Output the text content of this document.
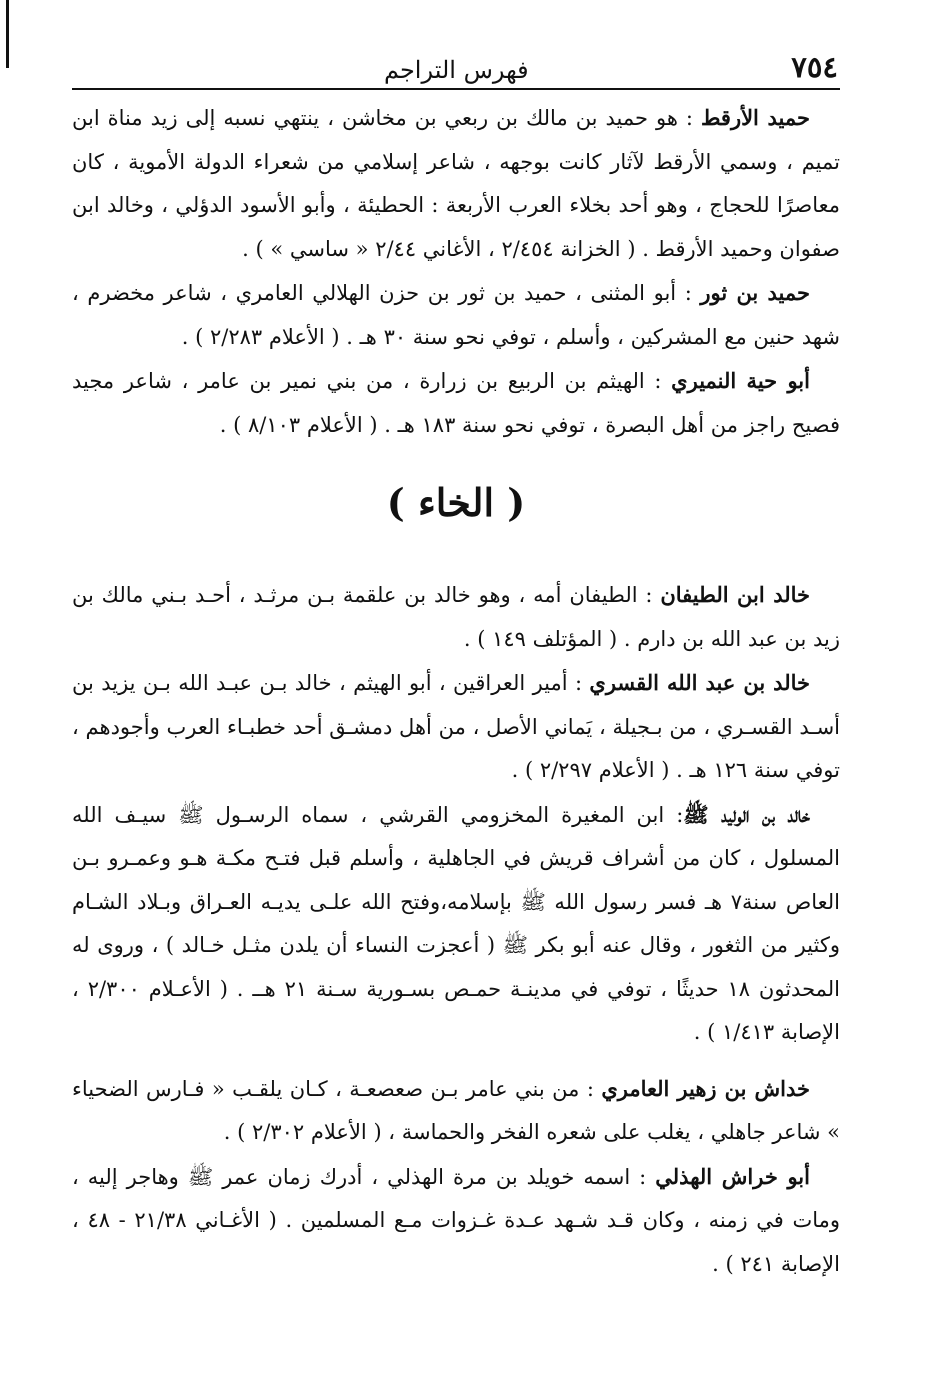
٧٥٤
فهرس التراجم

حميد الأرقط : هو حميد بن مالك بن ربعي بن مخاشن ، ينتهي نسبه إلى زيد مناة ابن تميم ، وسمي الأرقط لآثار كانت بوجهه ، شاعر إسلامي من شعراء الدولة الأموية ، كان معاصرًا للحجاج ، وهو أحد بخلاء العرب الأربعة : الحطيئة ، وأبو الأسود الدؤلي ، وخالد ابن صفوان وحميد الأرقط . ( الخزانة ٢/٤٥٤ ، الأغاني ٢/٤٤ « ساسي » ) .

حميد بن ثور : أبو المثنى ، حميد بن ثور بن حزن الهلالي العامري ، شاعر مخضرم ، شهد حنين مع المشركين ، وأسلم ، توفي نحو سنة ٣٠ هـ . ( الأعلام ٢/٢٨٣ ) .

أبو حية النميري : الهيثم بن الربيع بن زرارة ، من بني نمير بن عامر ، شاعر مجيد فصيح راجز من أهل البصرة ، توفي نحو سنة ١٨٣ هـ . ( الأعلام ٨/١٠٣ ) .

( الخاء )

خالد ابن الطيفان : الطيفان أمه ، وهو خالد بن علقمة بـن مرثـد ، أحـد بـني مالك بن زيد بن عبد الله بن دارم . ( المؤتلف ١٤٩ ) .

خالد بن عبد الله القسري : أمير العراقين ، أبو الهيثم ، خالد بـن عبـد الله بـن يزيد بن أسـد القسـري ، من بـجيلة ، يَماني الأصل ، من أهل دمشـق أحد خطبـاء العرب وأجودهم ، توفي سنة ١٢٦ هـ . ( الأعلام ٢/٢٩٧ ) .

خالد بن الوليد ﷺ: ابن المغيرة المخزومي القرشي ، سماه الرسـول ﷺ سيـف الله المسلول ، كان من أشراف قريش في الجاهلية ، وأسلم قبل فتـح مكـة هـو وعمـرو بـن العاص سنة٧ هـ فسر رسول الله ﷺ بإسلامه،وفتح الله علـى يديـه العـراق وبـلاد الشـام وكثير من الثغور ، وقال عنه أبو بكر ﷺ ( أعجزت النساء أن يلدن مثـل خـالد ) ، وروى له المحدثون ١٨ حديثًا ، توفي في مدينـة حمـص بسـورية سـنة ٢١ هــ . ( الأعـلام ٢/٣٠٠ ، الإصابة ١/٤١٣ ) .

خداش بن زهير العامري : من بني عامر بـن صعصعـة ، كـان يلقـب « فـارس الضحياء » شاعر جاهلي ، يغلب على شعره الفخر والحماسة ، ( الأعلام ٢/٣٠٢ ) .

أبو خراش الهذلي : اسمه خويلد بن مرة الهذلي ، أدرك زمان عمر ﷺ وهاجر إليه ، ومات في زمنه ، وكان قـد شـهد عـدة غـزوات مـع المسلمين . ( الأغـاني ٢١/٣٨ - ٤٨ ، الإصابة ٢٤١ ) .
